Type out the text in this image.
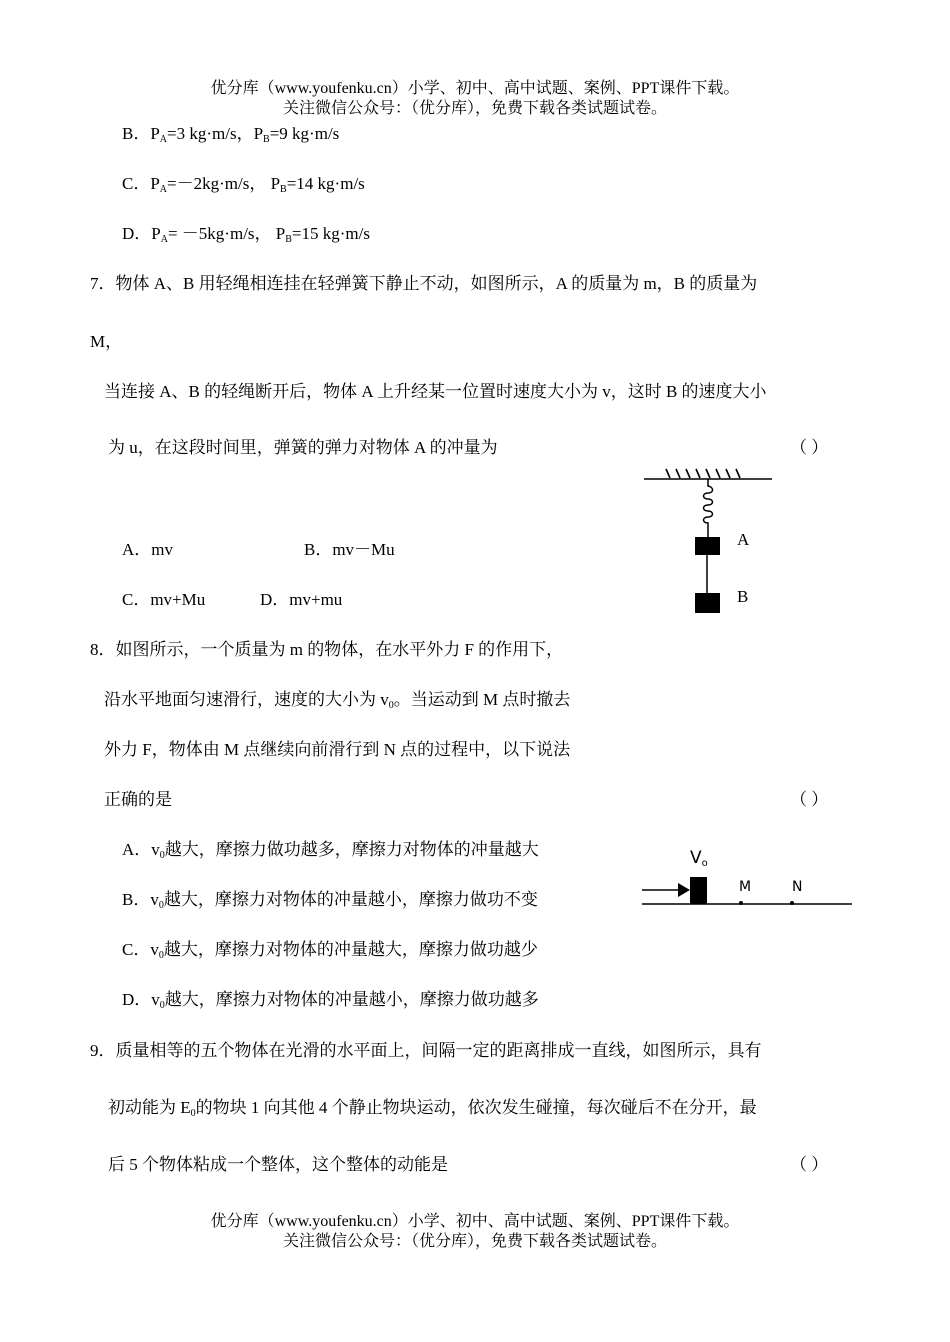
优分库（www.youfenku.cn）小学、初中、高中试题、案例、PPT课件下载。
关注微信公众号：（优分库），免费下载各类试题试卷。
B．$P_A=3$ kg·m/s，$P_B=9$ kg·m/s
C．$P_A=-2kg\cdot m/s$， $P_B=14$ kg·m/s
D．$P_A= -5kg\cdot m/s$， $P_B=15$ kg·m/s
7．物体 A、B 用轻绳相连挂在轻弹簧下静止不动，如图所示，A 的质量为 m，B 的质量为
M，
当连接 A、B 的轻绳断开后，物体 A 上升经某一位置时速度大小为 v，这时 B 的速度大小
为 u，在这段时间里，弹簧的弹力对物体 A 的冲量为	（ ）
A．mv	B．mv－Mu
C．mv+Mu	D．mv+mu
A
B
8．如图所示，一个质量为 m 的物体，在水平外力 F 的作用下，
沿水平地面匀速滑行，速度的大小为 $v_0$。当运动到 M 点时撤去
外力 F，物体由 M 点继续向前滑行到 N 点的过程中，以下说法
正确的是	（ ）
A．$v_0$越大，摩擦力做功越多，摩擦力对物体的冲量越大
B．$v_0$越大，摩擦力对物体的冲量越小，摩擦力做功不变
C．$v_0$越大，摩擦力对物体的冲量越大，摩擦力做功越少
D．$v_0$越大，摩擦力对物体的冲量越小，摩擦力做功越多
$V_o$
M	N
9．质量相等的五个物体在光滑的水平面上，间隔一定的距离排成一直线，如图所示，具有
初动能为 $E_0$的物块 1 向其他 4 个静止物块运动，依次发生碰撞，每次碰后不在分开，最
后 5 个物体粘成一个整体，这个整体的动能是	（ ）
优分库（www.youfenku.cn）小学、初中、高中试题、案例、PPT课件下载。
关注微信公众号：（优分库），免费下载各类试题试卷。
